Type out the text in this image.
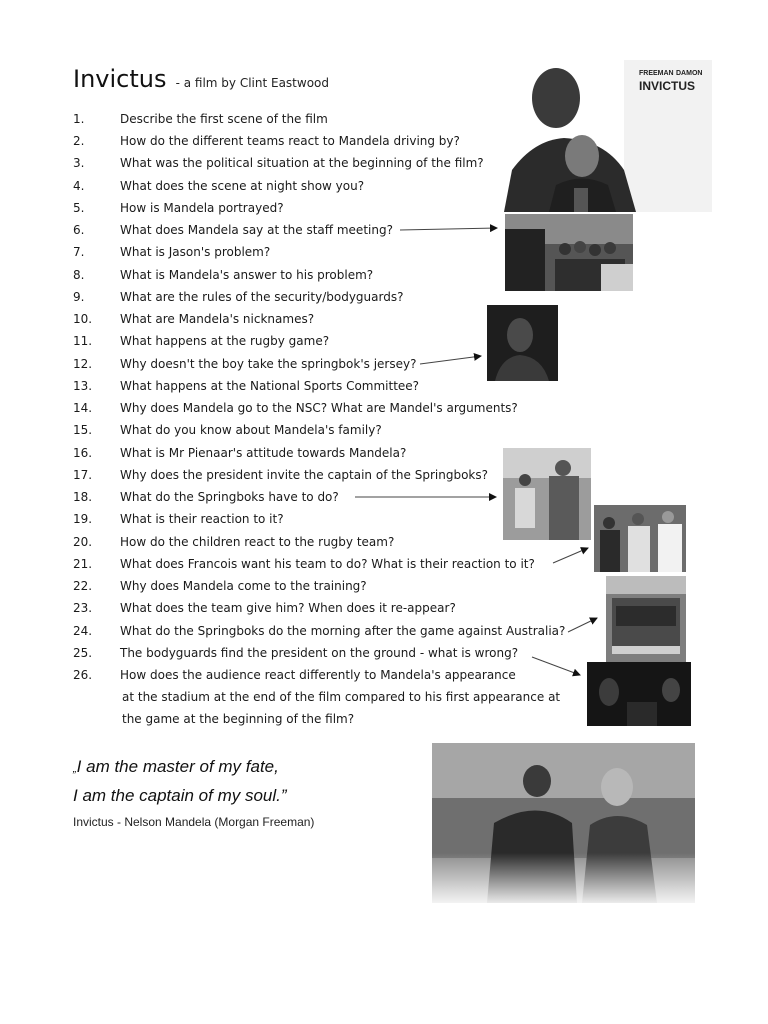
Invictus - a film by Clint Eastwood
1.	Describe the first scene of the film
2.	How do the different teams react to Mandela driving by?
3.	What was the political situation at the beginning of the film?
4.	What does the scene at night show you?
5.	How is Mandela portrayed?
6.	What does Mandela say at the staff meeting?
7.	What is Jason's problem?
8.	What is Mandela's answer to his problem?
9.	What are the rules of the security/bodyguards?
10.	What are Mandela's nicknames?
11.	What happens at the rugby game?
12.	Why doesn't the boy take the springbok's jersey?
13.	What happens at the National Sports Committee?
14.	Why does Mandela go to the NSC? What are Mandel's arguments?
15.	What do you know about Mandela's family?
16.	What is Mr Pienaar's attitude towards Mandela?
17.	Why does the president invite the captain of the Springboks?
18.	What do the Springboks have to do?
19.	What is their reaction to it?
20.	How do the children react to the rugby team?
21.	What does Francois want his team to do? What is their reaction to it?
22.	Why does Mandela come to the training?
23.	What does the team give him? When does it re-appear?
24.	What do the Springboks do the morning after the game against Australia?
25.	The bodyguards find the president on the ground - what is wrong?
26.	How does the audience react differently to Mandela's appearance
at the stadium at the end of the film compared to his first appearance at
the game at the beginning of the film?
FREEMAN DAMON
INVICTUS
„I am the master of my fate,
I am the captain of my soul.”
Invictus - Nelson Mandela (Morgan Freeman)
